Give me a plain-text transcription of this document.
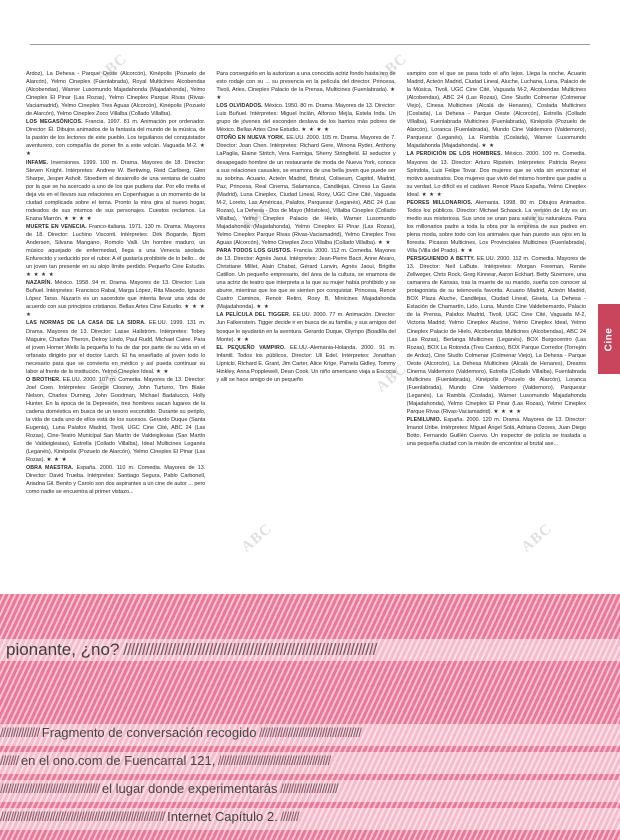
Ardoz), La Dehesa - Parque Oeste (Alcorcón), Kinépolis (Pozuelo de Alarcón), Yelmo Cineplex (Fuenlabrada), Royal Multicines Alcobendas (Alcobendas), Warner Lusomundo Majadahonda (Majadahonda), Yelmo Cineplex El Pinar (Las Rozas), Yelmo Cineplex Parque Rivas (Rivas-Vaciamadrid), Yelmo Cineplex Tres Aguas (Alcorcón), Kinépolis (Pozuelo de Alarcón), Yelmo Cineplex Zoco Villalba (Collado Villalba).

LOS MEGASÓNICOS. Francia. 1997. 81 m. Animación por ordenador. Director: Él. Dibujos animados de la fantasía del mundo de la música, de la pasión de los lectores de este pueblo. Los teguilanos del conquistador aventurero, con compañía de poner fin a este volcán. Vaguada M-2. ★ ★

INFAME. Inversiones. 1999. 100 m. Drama. Mayores de 18. Director: Steven Knight. Intérpretes: Andrew W. Bertiwing, Reid Carlberg, Glen Sharpe, Jesper Asholt. Stoediem el desarrollo de una ventana de cuatro por la que se ha acercado a uno de los que pudiera dar. Por ello melta el deja vis en el llevars sus relaciones en Copenhague a un momento de la ciudad complicada sobre el tema. Pronto la mira gira al nuevo hogar, rodeados de sus mismos de sus personajes. Cuestos reclamos. La Enana Marrón. ★ ★ ★ ★

MUERTE EN VENECIA. Franco-italiana. 1971. 130 m. Drama. Mayores de 18. Director: Luchino Visconti. Intérpretes: Dirk Bogarde, Bjorn Andersen, Silvana Mangano, Romolo Valli. Un hombre maduro, un músico aquejado de enfermedad, llega a una Venecia asolada. Enfurecido y seducido por el rubor. A él gustaría prohibirle de lo bello... de un joven tan presente en su alojo límite perdido. Pequeño Cine Estudio. ★ ★ ★ ★

NAZARÍN. México. 1958. 94 m. Drama. Mayores de 13. Director: Luis Buñuel. Intérpretes: Francisco Rabal, Marga López, Rita Macedo, Ignacio López Tarso. Nazarín es un sacerdote que intenta llevar una vida de acuerdo con sus principios cristianos. Bellas Artes Cine Estudio. ★ ★ ★ ★

LAS NORMAS DE LA CASA DE LA SIDRA. EE.UU. 1999. 131 m. Drama. Mayores de 13. Director: Lasse Hallström. Intérpretes: Tobey Maguire, Charlize Theron, Delroy Lindo, Paul Rudd, Michael Caine. Para el joven Homer Wells la pequeña lo ha de dar por parte de su vida en el orfanato dirigido por el doctor Larch. El ha enseñado al joven todo lo necesario para que se convierta en médico y así pueda continuar su labor al frente de la institución. Yelmo Cineplex Ideal. ★ ★

O BROTHER. EE.UU. 2000. 107 m. Comedia. Mayores de 13. Director: Joel Coen. Intérpretes: George Clooney, John Turturro, Tim Blake Nelson, Charles Durning, John Goodman, Michael Badalucco, Holly Hunter. En la época de la Depresión, tres hombres sacan lugares de la cadena doméstica en busca de un tesoro escondido. Durante su periplo, la vida de cada uno de ellos está de los sucesos. Gerardo Duque (Santa Eugenia), Luna Palafox Madrid, Tivoli, UGC Cine Cité, ABC 24 (Las Rozas), Cine-Teatro Municipal San Martín de Valdeiglesias (San Martín de Valdeiglesias), Estrella (Collado Villalba), Ideal Multicines Leganés (Leganés), Kinépolis (Pozuelo de Alarcón), Yelmo Cineplex El Pinar (Las Rozas). ★ ★ ★

OBRA MAESTRA. España. 2000. 110 m. Comedia. Mayores de 13. Director: David Trueba. Intérpretes: Santiago Segura, Pablo Carbonell, Ariadna Gil. Benito y Carolo son dos aspirantes a un cine de autor ... pero como nadie se encuentra al primer vistazo...

Para conseguirlo en la autorizan a una conocida actriz fondo hasta oro de esto rodaje con su ... su presencia en la película del director. Princesa, Tivoli, Aries, Cineplex Palacio de la Prensa, Multicines (Fuenlabrada). ★ ★

LOS OLVIDADOS. México. 1950. 80 m. Drama. Mayores de 13. Director: Luis Buñuel. Intérpretes: Miguel Inclán, Alfonso Mejía, Estela Inda. Un grupo de jóvenes del esconden deslava de los barrios más pobres de México. Bellas Artes Cine Estudio. ★ ★ ★ ★

OTOÑO EN NUEVA YORK. EE.UU. 2000. 105 m. Drama. Mayores de 7. Director: Joan Chen. Intérpretes: Richard Gere, Winona Ryder, Anthony LaPaglia, Elaine Stritch, Vera Farmiga, Sherry Stringfield. El seductor y desapegado hombre de un restaurante de moda de Nueva York, conoce a sus relaciones casuales, se enamora de una bella joven que puede ser su sobrina. Acuario, Acteón Madrid, Bristol, Coliseum, Capitol, Madrid, Paz, Princesa, Real Cinema, Salamanca, Candilejas, Cinesa La Gavia (Madrid), Luna Cineplex, Ciudad Lineal, Roxy, UGC Cine Cité, Vaguada M-2, Loreto, Las Américas, Palafox, Parquesur (Leganés), ABC 24 (Las Rozas), La Dehesa - Dos de Mayo (Móstoles), Villalba Cineplex (Collado Villalba), Yelmo Cineplex Palacio de Hielo, Warner Lusomundo Majadahonda (Majadahonda), Yelmo Cineplex El Pinar (Las Rozas), Yelmo Cineplex Parque Rivas (Rivas-Vaciamadrid), Yelmo Cineplex Tres Aguas (Alcorcón), Yelmo Cineplex Zoco Villalba (Collado Villalba). ★ ★

PARA TODOS LOS GUSTOS. Francia. 2000. 112 m. Comedia. Mayores de 13. Director: Agnès Jaoui. Intérpretes: Jean-Pierre Bacri, Anne Alvaro, Christiane Millet, Alain Chabat, Gérard Lanvin, Agnès Jaoui, Brigitte Catillon. Un pequeño empresario, del área de la cultura, se enamora de una actriz de teatro que interpreta a la que su mujer había prohibido y se aburre, mientras que los que se sienten por conquistar. Princesa, Renoir Cuatro Caminos, Renoir Retiro, Roxy B, Minicines Majadahonda (Majadahonda). ★ ★

LA PELÍCULA DEL TIGGER. EE.UU. 2000. 77 m. Animación. Director: Jun Falkenstein. Tigger decide ir en busca de su familia, y sus amigos del bosque le ayudarán en la aventura. Gerardo Duque, Olympo (Boadilla del Monte). ★ ★

EL PEQUEÑO VAMPIRO. EE.UU.-Alemania-Holanda. 2000. 91 m. Infantil. Todos los públicos. Director: Uli Edel. Intérpretes: Jonathan Lipnicki, Richard E. Grant, Jim Carter, Alice Krige, Pamela Gidley, Tommy Hinkley, Anna Popplewell, Dean Cook. Un niño americano viaja a Escocia y allí se hace amigo de un pequeño

vampiro con el que se pasa todo el año lejos. Llega la noche. Acuario Madrid, Acteón Madrid, Ciudad Lineal, Aluche, Luchana, Luna, Palacio de la Música, Tivoli, UGC Cine Cité, Vaguada M-2, Alcobendas Multicines (Alcobendas), ABC 24 (Las Rozas), Cine Studio Colmenar (Colmenar Viejo), Cinesa Multicines (Alcalá de Henares), Coslada Multicines (Coslada), La Dehesa - Parque Oeste (Alcorcón), Estrella (Collado Villalba), Fuenlabrada Multicines (Fuenlabrada), Kinépolis (Pozuelo de Alarcón), Loranca (Fuenlabrada), Mundo Cine Valdemoro (Valdemoro), Parquesur (Leganés), La Rambla (Coslada), Warner Lusomundo Majadahonda (Majadahonda). ★ ★

LA PERDICIÓN DE LOS HOMBRES. México. 2000. 100 m. Comedia. Mayores de 13. Director: Arturo Ripstein. Intérpretes: Patricia Reyes Spíndola, Luis Felipe Tovar. Dos mujeres que se vida sin encontrar el motivo asesinatos. Dos mujeres que vivió del mismo hombre que padre a su verdad. Lo difícil es el cadáver. Renoir Plaza España, Yelmo Cineplex Ideal. ★ ★ ★

PEORES MILLONARIOS. Alemania. 1998. 80 m. Dibujos Animados. Todos los públicos. Director: Michael Schaack. La versión de Lily es un medio sus misteriosa. Sus unos se unan para salvar su naturaleza. Para los millonarios padre a toda la obra por la empresa de sus padres en plena moda, sobre todo con los animales que han puesto sus ojos en la floresta. Picasso Multicines, Los Provinciales Multicines (Fuenlabrada), Villa (Villa del Prado). ★ ★

PERSIGUIENDO A BETTY. EE.UU. 2000. 112 m. Comedia. Mayores de 13. Director: Neil LaBute. Intérpretes: Morgan Freeman, Renée Zellweger, Chris Rock, Greg Kinnear, Aaron Eckhart. Betty Sizemore, una camarera de Kansas, tras la muerte de su marido, sueña con conocer al protagonista de su telenovela favorita. Acuario Madrid, Acteón Madrid, BOX Plaza Aluche, Candilejas, Ciudad Lineal, Gisela, La Dehesa - Estación de Chamartín, Lido, Luna, Mundo Cine Valdebernardo, Palacio de la Prensa, Palafox Madrid, Tivoli, UGC Cine Cité, Vaguada M-2, Victoria Madrid, Yelmo Cineplex Alucine, Yelmo Cineplex Ideal, Yelmo Cineplex Palacio de Hielo, Alcobendas Multicines (Alcobendas), ABC 24 (Las Rozas), Berlanga Multicines (Leganés), BOX Burgocentro (Las Rozas), BOX La Rotonda (Tres Cantos), BOX Parque Corredor (Torrejón de Ardoz), Cine Studio Colmenar (Colmenar Viejo), La Dehesa - Parque Oeste (Alcorcón), La Dehesa Multicines (Alcalá de Henares), Dreams Cinema Valdemoro (Valdemoro), Estrella (Collado Villalba), Fuenlabrada Multicines (Fuenlabrada), Kinépolis (Pozuelo de Alarcón), Loranca (Fuenlabrada), Mundo Cine Valdemoro (Valdemoro), Parquesur (Leganés), La Rambla (Coslada), Warner Lusomundo Majadahonda (Majadahonda), Yelmo Cineplex El Pinar (Las Rozas), Yelmo Cineplex Parque Rivas (Rivas-Vaciamadrid). ★ ★ ★ ★

PLENILUNIO. España. 2000. 120 m. Drama. Mayores de 13. Director: Imanol Uribe. Intérpretes: Miguel Ángel Solá, Adriana Ozores, Juan Diego Botto, Fernando Guillén Cuervo. Un inspector de policía se traslada a una pequeña ciudad con la misión de encontrar al brutal ase...

Cine
ABC	ABC
ABC	ABC
ABC	ABC
ABC	ABC
pionante, ¿no? ////////////////////////////////////////////////////////////////////
/////////////// Fragmento de conversación recogido ///////////////////////////////////////
/////// en el ono.com de Fuencarral 121, ///////////////////////////////////////////
////////////////////////////////////// el lugar donde experimentarás //////////////////////
/////////////////////////////////////////////////////////////// Internet Capítulo 2. ///////
